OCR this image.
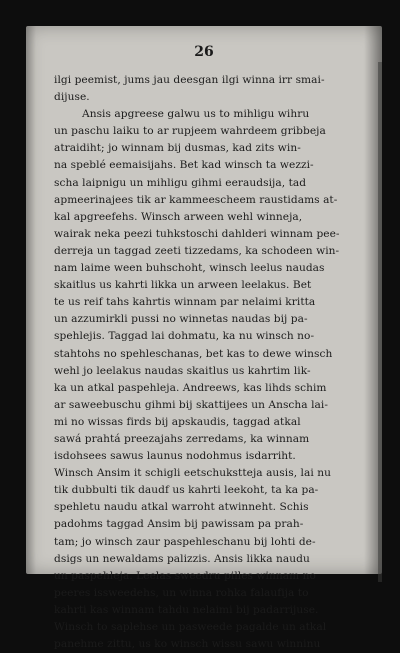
26
ilgi peemist, jums jau deesgan ilgi winna irr smai-
dijuse.
Ansis apgreese galwu us to mihligu wihru
un paschu laiku to ar rupjeem wahrdeem gribbeja
atraidiht; jo winnam bij dusmas, kad zits win-
na speblé eemaisijahs. Bet kad winsch ta wezzi-
scha laipnigu un mihligu gihmi eeraudsija, tad
apmeerinajees tik ar kammeescheem raustidams at-
kal apgreefehs. Winsch arween wehl winneja,
wairak neka peezi tuhkstoschi dahlderi winnam pee-
derreja un taggad zeeti tizzedams, ka schodeen win-
nam laime ween buhschoht, winsch leelus naudas
skaitlus us kahrti likka un arween leelakus. Bet
te us reif tahs kahrtis winnam par nelaimi kritta
un azzumirkli pussi no winnetas naudas bij pa-
spehlejis. Taggad lai dohmatu, ka nu winsch no-
stahtohs no spehleschanas, bet kas to dewe winsch
wehl jo leelakus naudas skaitlus us kahrtim lik-
ka un atkal paspehleja. Andreews, kas lihds schim
ar saweebuschu gihmi bij skattijees un Anscha lai-
mi no wissas firds bij apskaudis, taggad atkal
sawá prahtá preezajahs zerredams, ka winnam
isdohsees sawus launus nodohmus isdarriht.
Winsch Ansim it schigli eetschukstteja ausis, lai nu
tik dubbulti tik daudf us kahrti leekoht, ta ka pa-
spehletu naudu atkal warroht atwinneht. Schis
padohms taggad Ansim bij pawissam pa prah-
tam; jo winsch zaur paspehleschanu bij lohti de-
dsigs un newaldams palizzis. Ansis likka naudu
un paspehleja. Leelas sweedru pilles winnam no
peeres issweedehs, un winna rohka falaufija to
kahrti kas winnam tahdu nelaimi bij padarrijuse.
Winsch to saplehse un pasweede pagalde un atkal
panehme zittu, us ko winsch wissu sawu winninu
